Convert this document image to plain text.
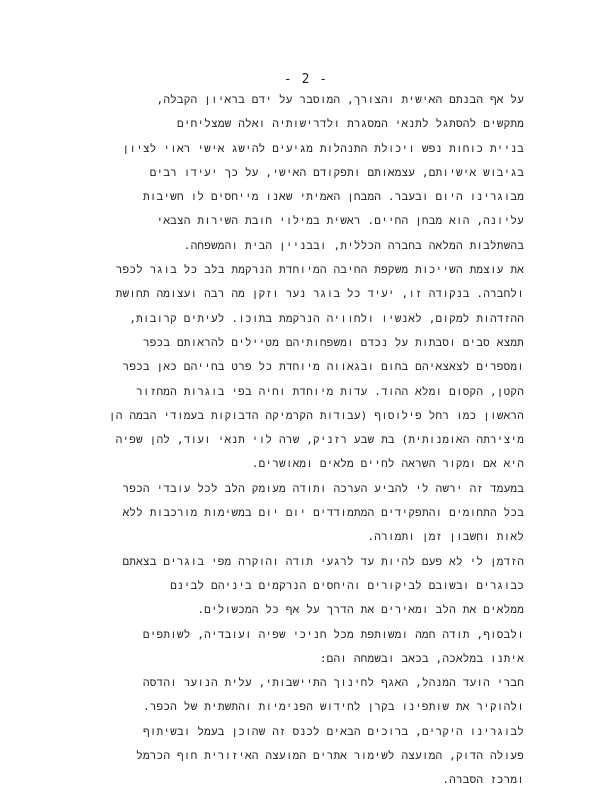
- 2 -
על אף הבנתם האישית והצורך, המוסבר על ידם בראיון הקבלה,
מתקשים להסתגל לתנאי המסגרת ולדרישותיה ואלה שמצליחים
בניית כוחות נפש ויכולת התנהלות מגיעים להישג אישי ראוי לציון
בגיבוש אישיותם, עצמאותם ותפקודם האישי, על כך יעידו רבים
מבוגרינו היום ובעבר. המבחן האמיתי שאנו מייחסים לו חשיבות
עליונה, הוא מבחן החיים. ראשית במילוי חובת השירות הצבאי
בהשתלבות המלאה בחברה הכללית, ובבניין הבית והמשפחה.
את עוצמת השייכות משקפת החיבה המיוחדת הנרקמת בלב כל בוגר לכפר
ולחברה. בנקודה זו, יעיד כל בוגר נער וזקן מה רבה ועצומה תחושת
ההזדהות למקום, לאנשיו ולחוויה הנרקמת בתוכו. לעיתים קרובות,
תמצא סבים וסבתות על נכדם ומשפחותיהם מטיילים להראותם בכפר
ומספרים לצאצאיהם בחום ובגאווה מיוחדת כל פרט בחייהם כאן בכפר
הקטן, הקסום ומלא ההוד. עדות מיוחדת וחיה בפי בוגרות המחזור
הראשון כמו רחל פילוסוף (עבודות הקרמיקה הדבוקות בעמודי הבמה הן
מיצירתה האומנותית) בת שבע רזניק, שרה לוי תנאי ועוד, להן שפיה
היא אם ומקור השראה לחיים מלאים ומאושרים.
במעמד זה ירשה לי להביע הערכה ותודה מעומק הלב לכל עובדי הכפר
בכל התחומים והתפקידים המתמודדים יום יום במשימות מורכבות ללא
לאות וחשבון זמן ותמורה.
הזדמן לי לא פעם להיות עד לרגעי תודה והוקרה מפי בוגרים בצאתם
כבוגרים ובשובם לביקורים והיחסים הנרקמים ביניהם לבינם
ממלאים את הלב ומאירים את הדרך על אף כל המכשולים.
ולבסוף, תודה חמה ומשותפת מכל חניכי שפיה ועובדיה, לשותפים
איתנו במלאכה, בכאב ובשמחה והם:
חברי הועד המנהל, האגף לחינוך התיישבותי, עלית הנוער והדסה
ולהוקיר את שותפינו בקרן לחידוש הפנימיות והתשתית של הכפר.
לבוגרינו היקרים, ברוכים הבאים לכנס זה שהוכן בעמל ובשיתוף
פעולה הדוק, המועצה לשימור אתרים המועצה האיזורית חוף הכרמל
ומרכז הסברה.
